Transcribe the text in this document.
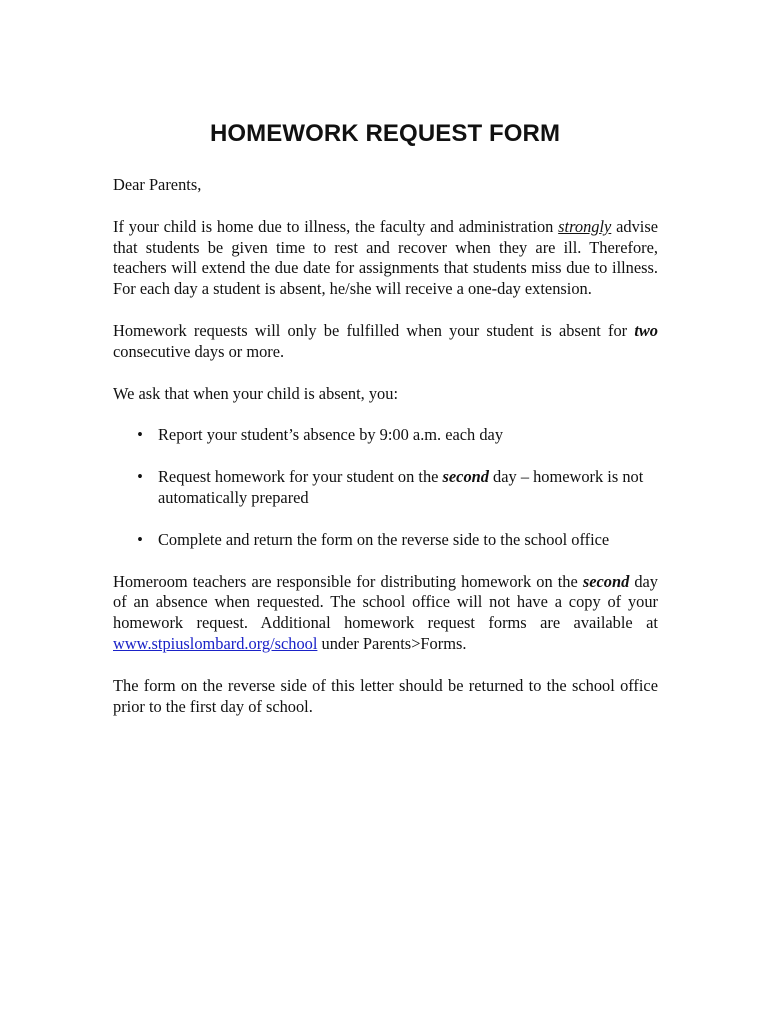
HOMEWORK REQUEST FORM

Dear Parents,

If your child is home due to illness, the faculty and administration strongly advise that students be given time to rest and recover when they are ill. Therefore, teachers will extend the due date for assignments that students miss due to illness. For each day a student is absent, he/she will receive a one-day extension.

Homework requests will only be fulfilled when your student is absent for two consecutive days or more.

We ask that when your child is absent, you:

• Report your student’s absence by 9:00 a.m. each day
• Request homework for your student on the second day – homework is not automatically prepared
• Complete and return the form on the reverse side to the school office

Homeroom teachers are responsible for distributing homework on the second day of an absence when requested. The school office will not have a copy of your homework request. Additional homework request forms are available at www.stpiuslombard.org/school under Parents>Forms.

The form on the reverse side of this letter should be returned to the school office prior to the first day of school.
